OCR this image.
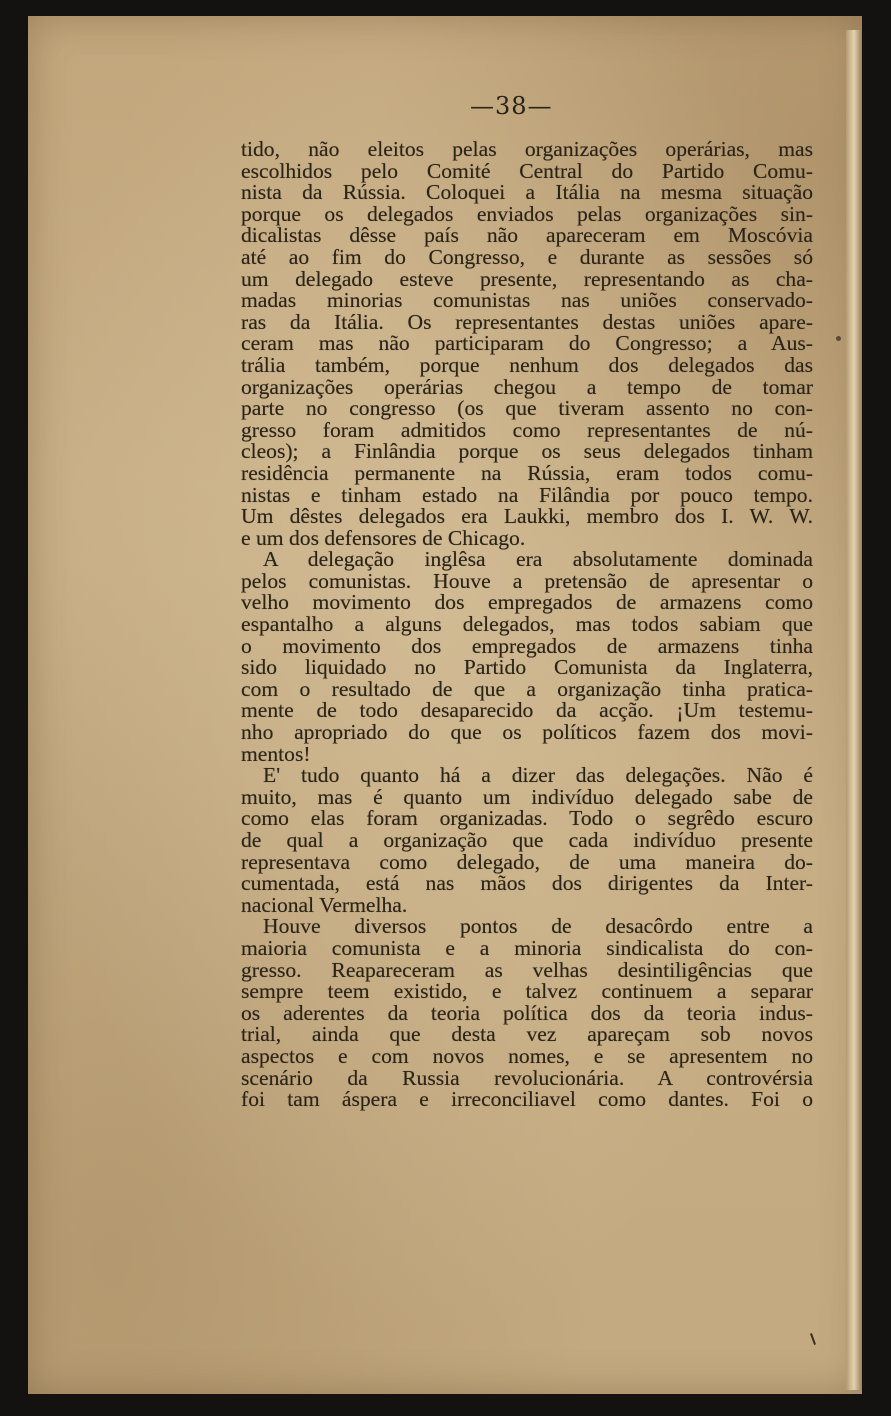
—38—
tido, não eleitos pelas organizações operárias, mas
escolhidos pelo Comité Central do Partido Comu-
nista da Rússia. Coloquei a Itália na mesma situação
porque os delegados enviados pelas organizações sin-
dicalistas dêsse país não apareceram em Moscóvia
até ao fim do Congresso, e durante as sessões só
um delegado esteve presente, representando as cha-
madas minorias comunistas nas uniões conservado-
ras da Itália. Os representantes destas uniões apare-
ceram mas não participaram do Congresso; a Aus-
trália também, porque nenhum dos delegados das
organizações operárias chegou a tempo de tomar
parte no congresso (os que tiveram assento no con-
gresso foram admitidos como representantes de nú-
cleos); a Finlândia porque os seus delegados tinham
residência permanente na Rússia, eram todos comu-
nistas e tinham estado na Filândia por pouco tempo.
Um dêstes delegados era Laukki, membro dos I. W. W.
e um dos defensores de Chicago.
A delegação inglêsa era absolutamente dominada
pelos comunistas. Houve a pretensão de apresentar o
velho movimento dos empregados de armazens como
espantalho a alguns delegados, mas todos sabiam que
o movimento dos empregados de armazens tinha
sido liquidado no Partido Comunista da Inglaterra,
com o resultado de que a organização tinha pratica-
mente de todo desaparecido da acção. ¡Um testemu-
nho apropriado do que os políticos fazem dos movi-
mentos!
E' tudo quanto há a dizer das delegações. Não é
muito, mas é quanto um indivíduo delegado sabe de
como elas foram organizadas. Todo o segrêdo escuro
de qual a organização que cada indivíduo presente
representava como delegado, de uma maneira do-
cumentada, está nas mãos dos dirigentes da Inter-
nacional Vermelha.
Houve diversos pontos de desacôrdo entre a
maioria comunista e a minoria sindicalista do con-
gresso. Reapareceram as velhas desintiligências que
sempre teem existido, e talvez continuem a separar
os aderentes da teoria política dos da teoria indus-
trial, ainda que desta vez apareçam sob novos
aspectos e com novos nomes, e se apresentem no
scenário da Russia revolucionária. A controvérsia
foi tam áspera e irreconciliavel como dantes. Foi o
